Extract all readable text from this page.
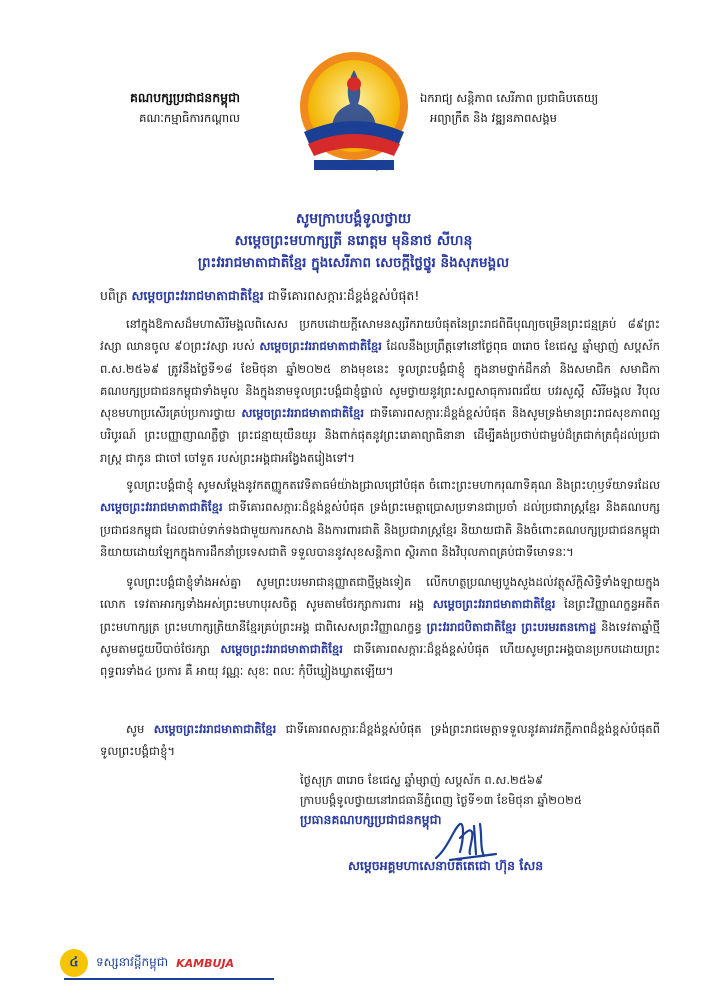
គណបក្សប្រជាជនកម្ពុជា
គណៈកម្មាធិការកណ្ដាល
គណបក្សប្រជាជនកម្ពុជា
ឯករាជ្យ សន្តិភាព សេរីភាព ប្រជាធិបតេយ្យ
អព្យាក្រឹត និង វឌ្ឍនភាពសង្គម
សូមក្រាបបង្គំទូលថ្វាយ
សម្តេចព្រះមហាក្សត្រី នរោត្តម មុនិនាថ សីហនុ
ព្រះវររាជមាតាជាតិខ្មែរ ក្នុងសេរីភាព សេចក្តីថ្លៃថ្នូរ និងសុភមង្គល
បពិត្រ សម្តេចព្រះវររាជមាតាជាតិខ្មែរ ជាទីគោរពសក្ការៈដ៏ខ្ពង់ខ្ពស់បំផុត!

នៅក្នុងឱកាសដ៏មហាសិរីមង្គលពិសេស ប្រកបដោយក្តីសោមនស្សរីករាយបំផុតនៃព្រះរាជពិធីបុណ្យចម្រើនព្រះជន្មគ្រប់ ៨៩ព្រះវស្សា ឈានចូល ៩០ព្រះវស្សា របស់ សម្តេចព្រះវររាជមាតាជាតិខ្មែរ ដែលនឹងប្រព្រឹត្តទៅនៅថ្ងៃពុធ ៣រោច ខែជេស្ឋ ឆ្នាំម្សាញ់ សប្តស័ក ព.ស.២៥៦៩ ត្រូវនឹងថ្ងៃទី១៨ ខែមិថុនា ឆ្នាំ២០២៥ ខាងមុខនេះ ទូលព្រះបង្គំជាខ្ញុំ ក្នុងនាមថ្នាក់ដឹកនាំ និងសមាជិក សមាជិកាគណបក្សប្រជាជនកម្ពុជាទាំងមូល និងក្នុងនាមទូលព្រះបង្គំជាខ្ញុំផ្ទាល់ សូមថ្វាយនូវព្រះសព្ទសាធុការពរជ័យ បវរសួស្តី សិរីមង្គល វិបុលសុខមហាប្រសើរគ្រប់ប្រការថ្វាយ សម្តេចព្រះវររាជមាតាជាតិខ្មែរ ជាទីគោរពសក្ការៈដ៏ខ្ពង់ខ្ពស់បំផុត និងសូមទ្រង់មានព្រះរាជសុខភាពល្អបរិបូរណ៍ ព្រះបញ្ញាញាណភ្លឺថ្លា ព្រះជន្មាយុយឺនយូរ និងពាក់ផុតនូវព្រះរោគាព្យាធិនានា ដើម្បីគង់ប្រថាប់ជាម្លប់ដ៏ត្រជាក់ត្រជុំដល់ប្រជារាស្ត្រ ជាកូន ជាចៅ ចៅទួត របស់ព្រះអង្គជាអង្វែងតរៀងទៅ។

ទូលព្រះបង្គំជាខ្ញុំ សូមសម្តែងនូវកតញ្ញូកតវេទិតាធម៌យ៉ាងជ្រាលជ្រៅបំផុត ចំពោះព្រះមហាករុណាទិគុណ និងព្រះហ្ឫទ័យាទរដែល សម្តេចព្រះវររាជមាតាជាតិខ្មែរ ជាទីគោរពសក្ការៈដ៏ខ្ពង់ខ្ពស់បំផុត ទ្រង់ព្រះមេត្តាប្រោសប្រទានជាប្រចាំ ដល់ប្រជារាស្ត្រខ្មែរ និងគណបក្សប្រជាជនកម្ពុជា ដែលជាប់ទាក់ទងជាមួយការកសាង និងការពារជាតិ និងប្រជារាស្ត្រខ្មែរ និយាយជាតិ និងចំពោះគណបក្សប្រជាជនកម្ពុជា និយាយដោយឡែកក្នុងការដឹកនាំប្រទេសជាតិ ទទួលបាននូវសុខសន្តិភាព ស្ថិរភាព និងវិបុលភាពគ្រប់ជាទីមោទនៈ។

ទូលព្រះបង្គំជាខ្ញុំទាំងអស់គ្នា សូមព្រះបរមរាជានុញ្ញាតជាថ្មីម្តងទៀត លើកហត្ថប្រណម្យបួងសួងដល់វត្ថុស័ក្តិសិទ្ធិទាំងឡាយក្នុងលោក ទេវតាអារក្សទាំងអស់ព្រះមហាបុរសចិត្ត សូមតាមថែរក្សាការពារ អង្គ សម្តេចព្រះវររាជមាតាជាតិខ្មែរ នៃព្រះវិញ្ញាណក្ខន្ធអតីតព្រះមហាក្សត្រ ព្រះមហាក្សត្រិយានីខ្មែរគ្រប់ព្រះអង្គ ជាពិសេសព្រះវិញ្ញាណក្ខន្ធ ព្រះវររាជបិតាជាតិខ្មែរ ព្រះបរមរតនកោដ្ឋ និងទេវតាឆ្នាំថ្មី សូមតាមជួយបីបាច់ថែរក្សា សម្តេចព្រះវររាជមាតាជាតិខ្មែរ ជាទីគោរពសក្ការៈដ៏ខ្ពង់ខ្ពស់បំផុត ហើយសូមព្រះអង្គបានប្រកបដោយព្រះពុទ្ធពរទាំង៤ ប្រការ គឺ អាយុ វណ្ណៈ សុខៈ ពលៈ កុំបីឃ្លៀងឃ្លាតឡើយ។

សូម សម្តេចព្រះវររាជមាតាជាតិខ្មែរ ជាទីគោរពសក្ការៈដ៏ខ្ពង់ខ្ពស់បំផុត ទ្រង់ព្រះរាជមេត្តាទទួលនូវគារវភក្តីភាពដ៏ខ្ពង់ខ្ពស់បំផុតពីទូលព្រះបង្គំជាខ្ញុំ។

ថ្ងៃសុក្រ ៣រោច ខែជេស្ឋ ឆ្នាំម្សាញ់ សប្តស័ក ព.ស.២៥៦៩
ក្រាបបង្គំទូលថ្វាយនៅរាជធានីភ្នំពេញ ថ្ងៃទី១៣ ខែមិថុនា ឆ្នាំ២០២៥
ប្រធានគណបក្សប្រជាជនកម្ពុជា
សម្តេចអគ្គមហាសេនាបតីតេជោ ហ៊ុន សែន
៤	ទស្សនាវដ្តីកម្ពុជា KAMBUJA
